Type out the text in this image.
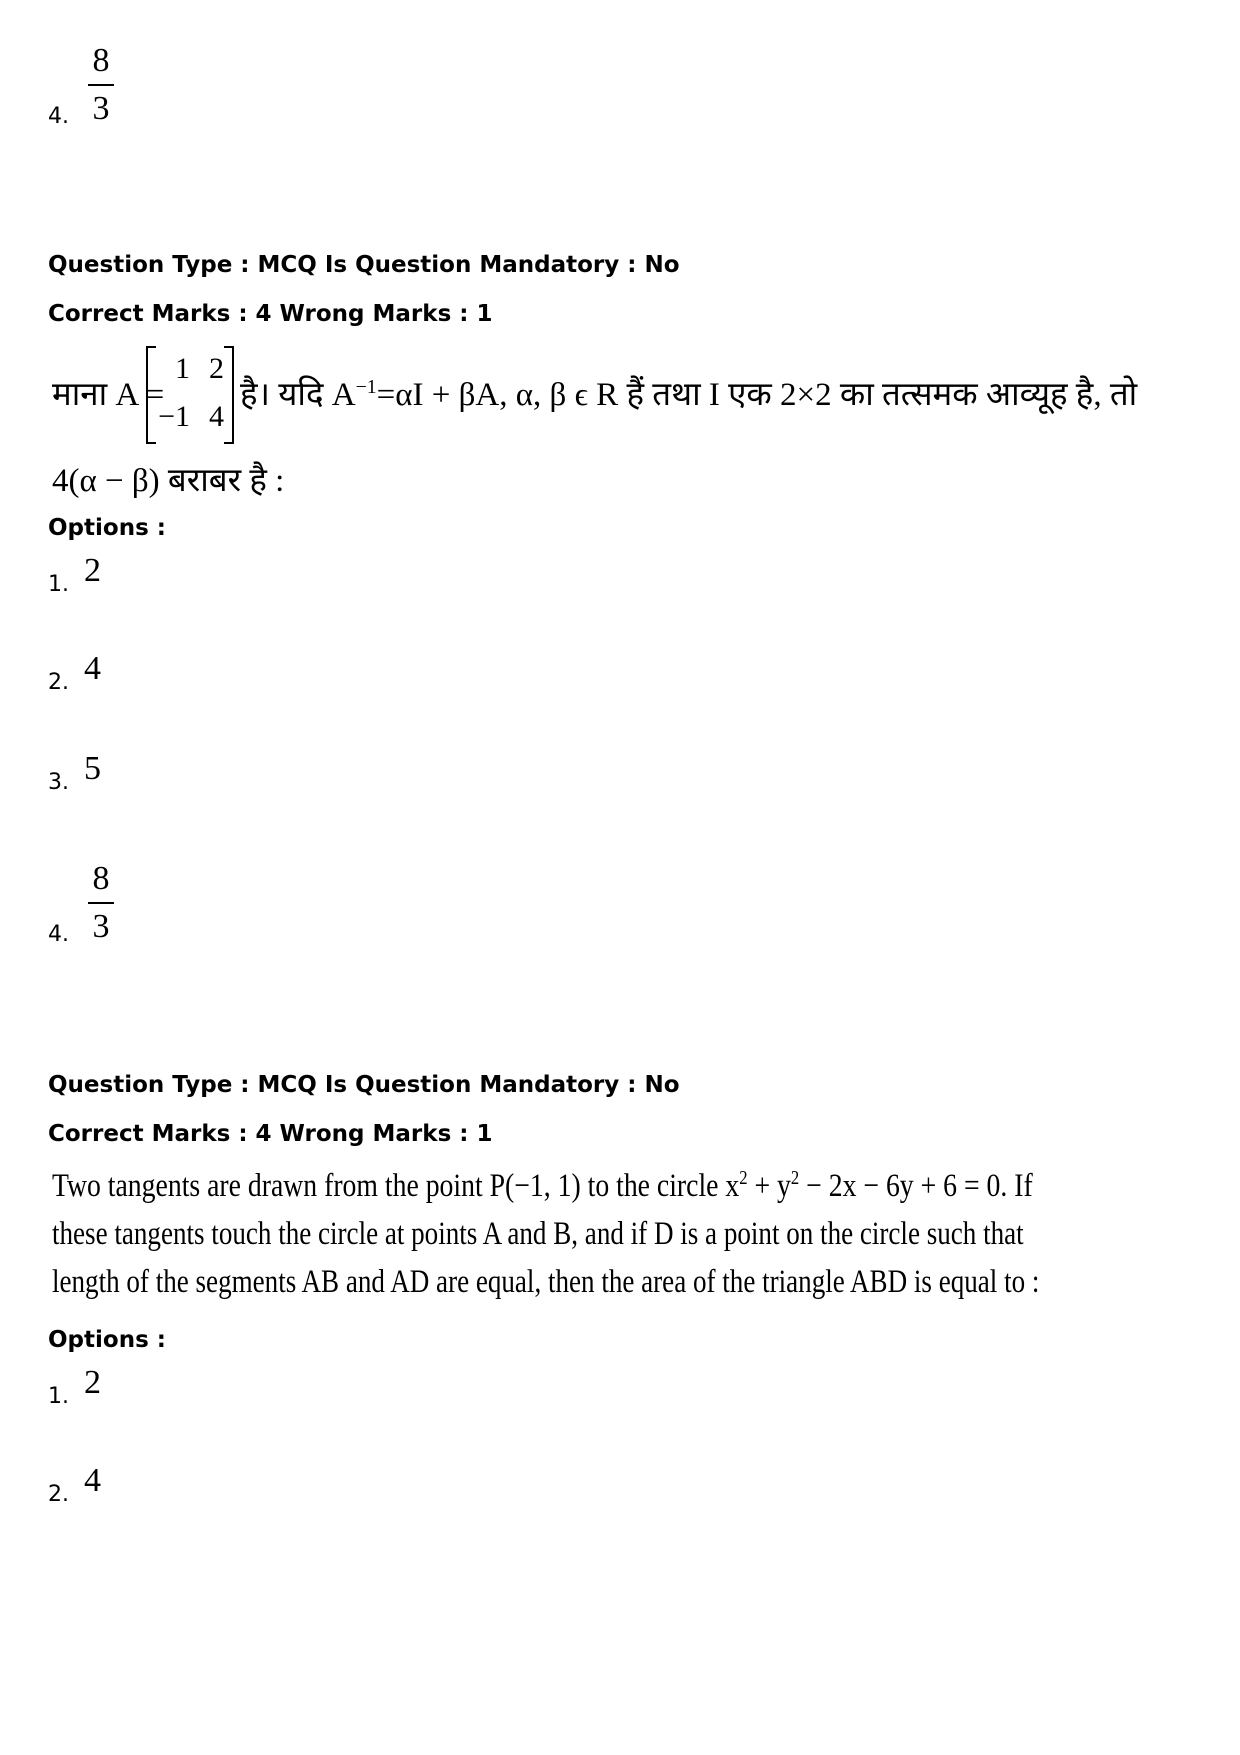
4.
8
3
Question Type : MCQ Is Question Mandatory : No
Correct Marks : 4 Wrong Marks : 1
माना A =
1 2
−1 4
है। यदि $A^{-1}=\alpha I + \beta A$, α, β ϵ R हैं तथा I एक 2×2 का तत्समक आव्यूह है, तो
4(α − β) बराबर है :
Options :
1. 2
2. 4
3. 5
4.
8
3
Question Type : MCQ Is Question Mandatory : No
Correct Marks : 4 Wrong Marks : 1
Two tangents are drawn from the point P(−1, 1) to the circle $x^2 + y^2 - 2x - 6y + 6 = 0$. If
these tangents touch the circle at points A and B, and if D is a point on the circle such that
length of the segments AB and AD are equal, then the area of the triangle ABD is equal to :
Options :
1. 2
2. 4
